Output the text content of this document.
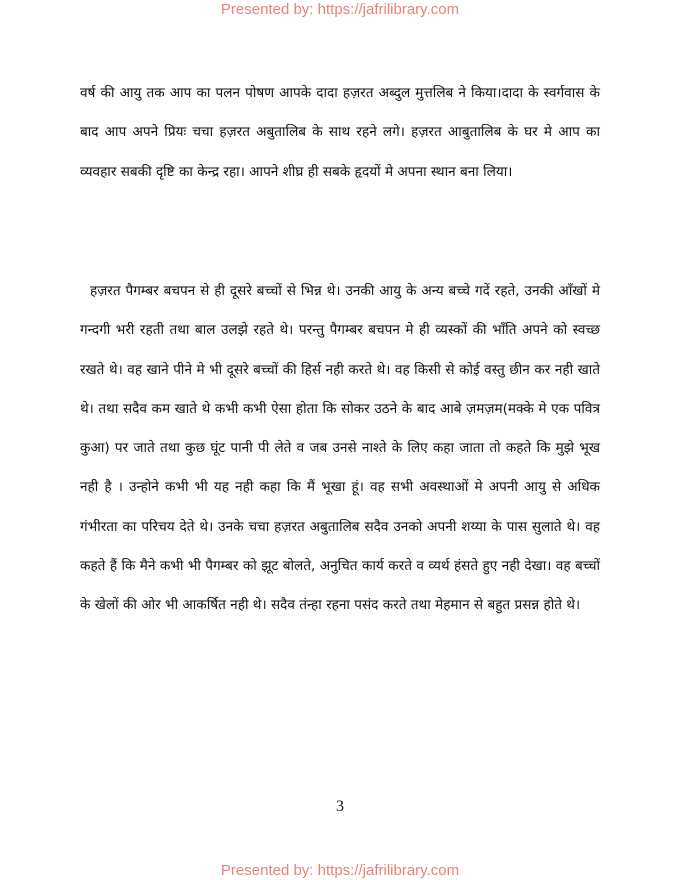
Presented by: https://jafrilibrary.com

वर्ष की आयु तक आप का पलन पोषण आपके दादा हज़रत अब्दुल मुत्तलिब ने किया।दादा के स्वर्गवास के बाद आप अपने प्रियः चचा हज़रत अबुतालिब के साथ रहने लगे। हज़रत आबुतालिब के घर मे आप का व्यवहार सबकी दृष्टि का केन्द्र रहा। आपने शीघ्र ही सबके हृदयों मे अपना स्थान बना लिया।

हज़रत पैगम्बर बचपन से ही दूसरे बच्चों से भिन्न थे। उनकी आयु के अन्य बच्चे गदें रहते, उनकी आँखों मे गन्दगी भरी रहती तथा बाल उलझे रहते थे। परन्तु पैगम्बर बचपन मे ही व्यस्कों की भाँति अपने को स्वच्छ रखते थे। वह खाने पीने मे भी दूसरे बच्चों की हिर्स नही करते थे। वह किसी से कोई वस्तु छीन कर नही खाते थे। तथा सदैव कम खाते थे कभी कभी ऐसा होता कि सोकर उठने के बाद आबे ज़मज़म(मक्के मे एक पवित्र कुआ) पर जाते तथा कुछ घूंट पानी पी लेते व जब उनसे नाश्ते के लिए कहा जाता तो कहते कि मुझे भूख नही है । उन्होने कभी भी यह नही कहा कि मैं भूखा हूं। वह सभी अवस्थाओं मे अपनी आयु से अधिक गंभीरता का परिचय देते थे। उनके चचा हज़रत अबुतालिब सदैव उनको अपनी शय्या के पास सुलाते थे। वह कहते हैं कि मैने कभी भी पैगम्बर को झूट बोलते, अनुचित कार्य करते व व्यर्थ हंसते हुए नही देखा। वह बच्चों के खेलों की ओर भी आकर्षित नही थे। सदैव तंन्हा रहना पसंद करते तथा मेहमान से बहुत प्रसन्न होते थे।

3
Presented by: https://jafrilibrary.com
